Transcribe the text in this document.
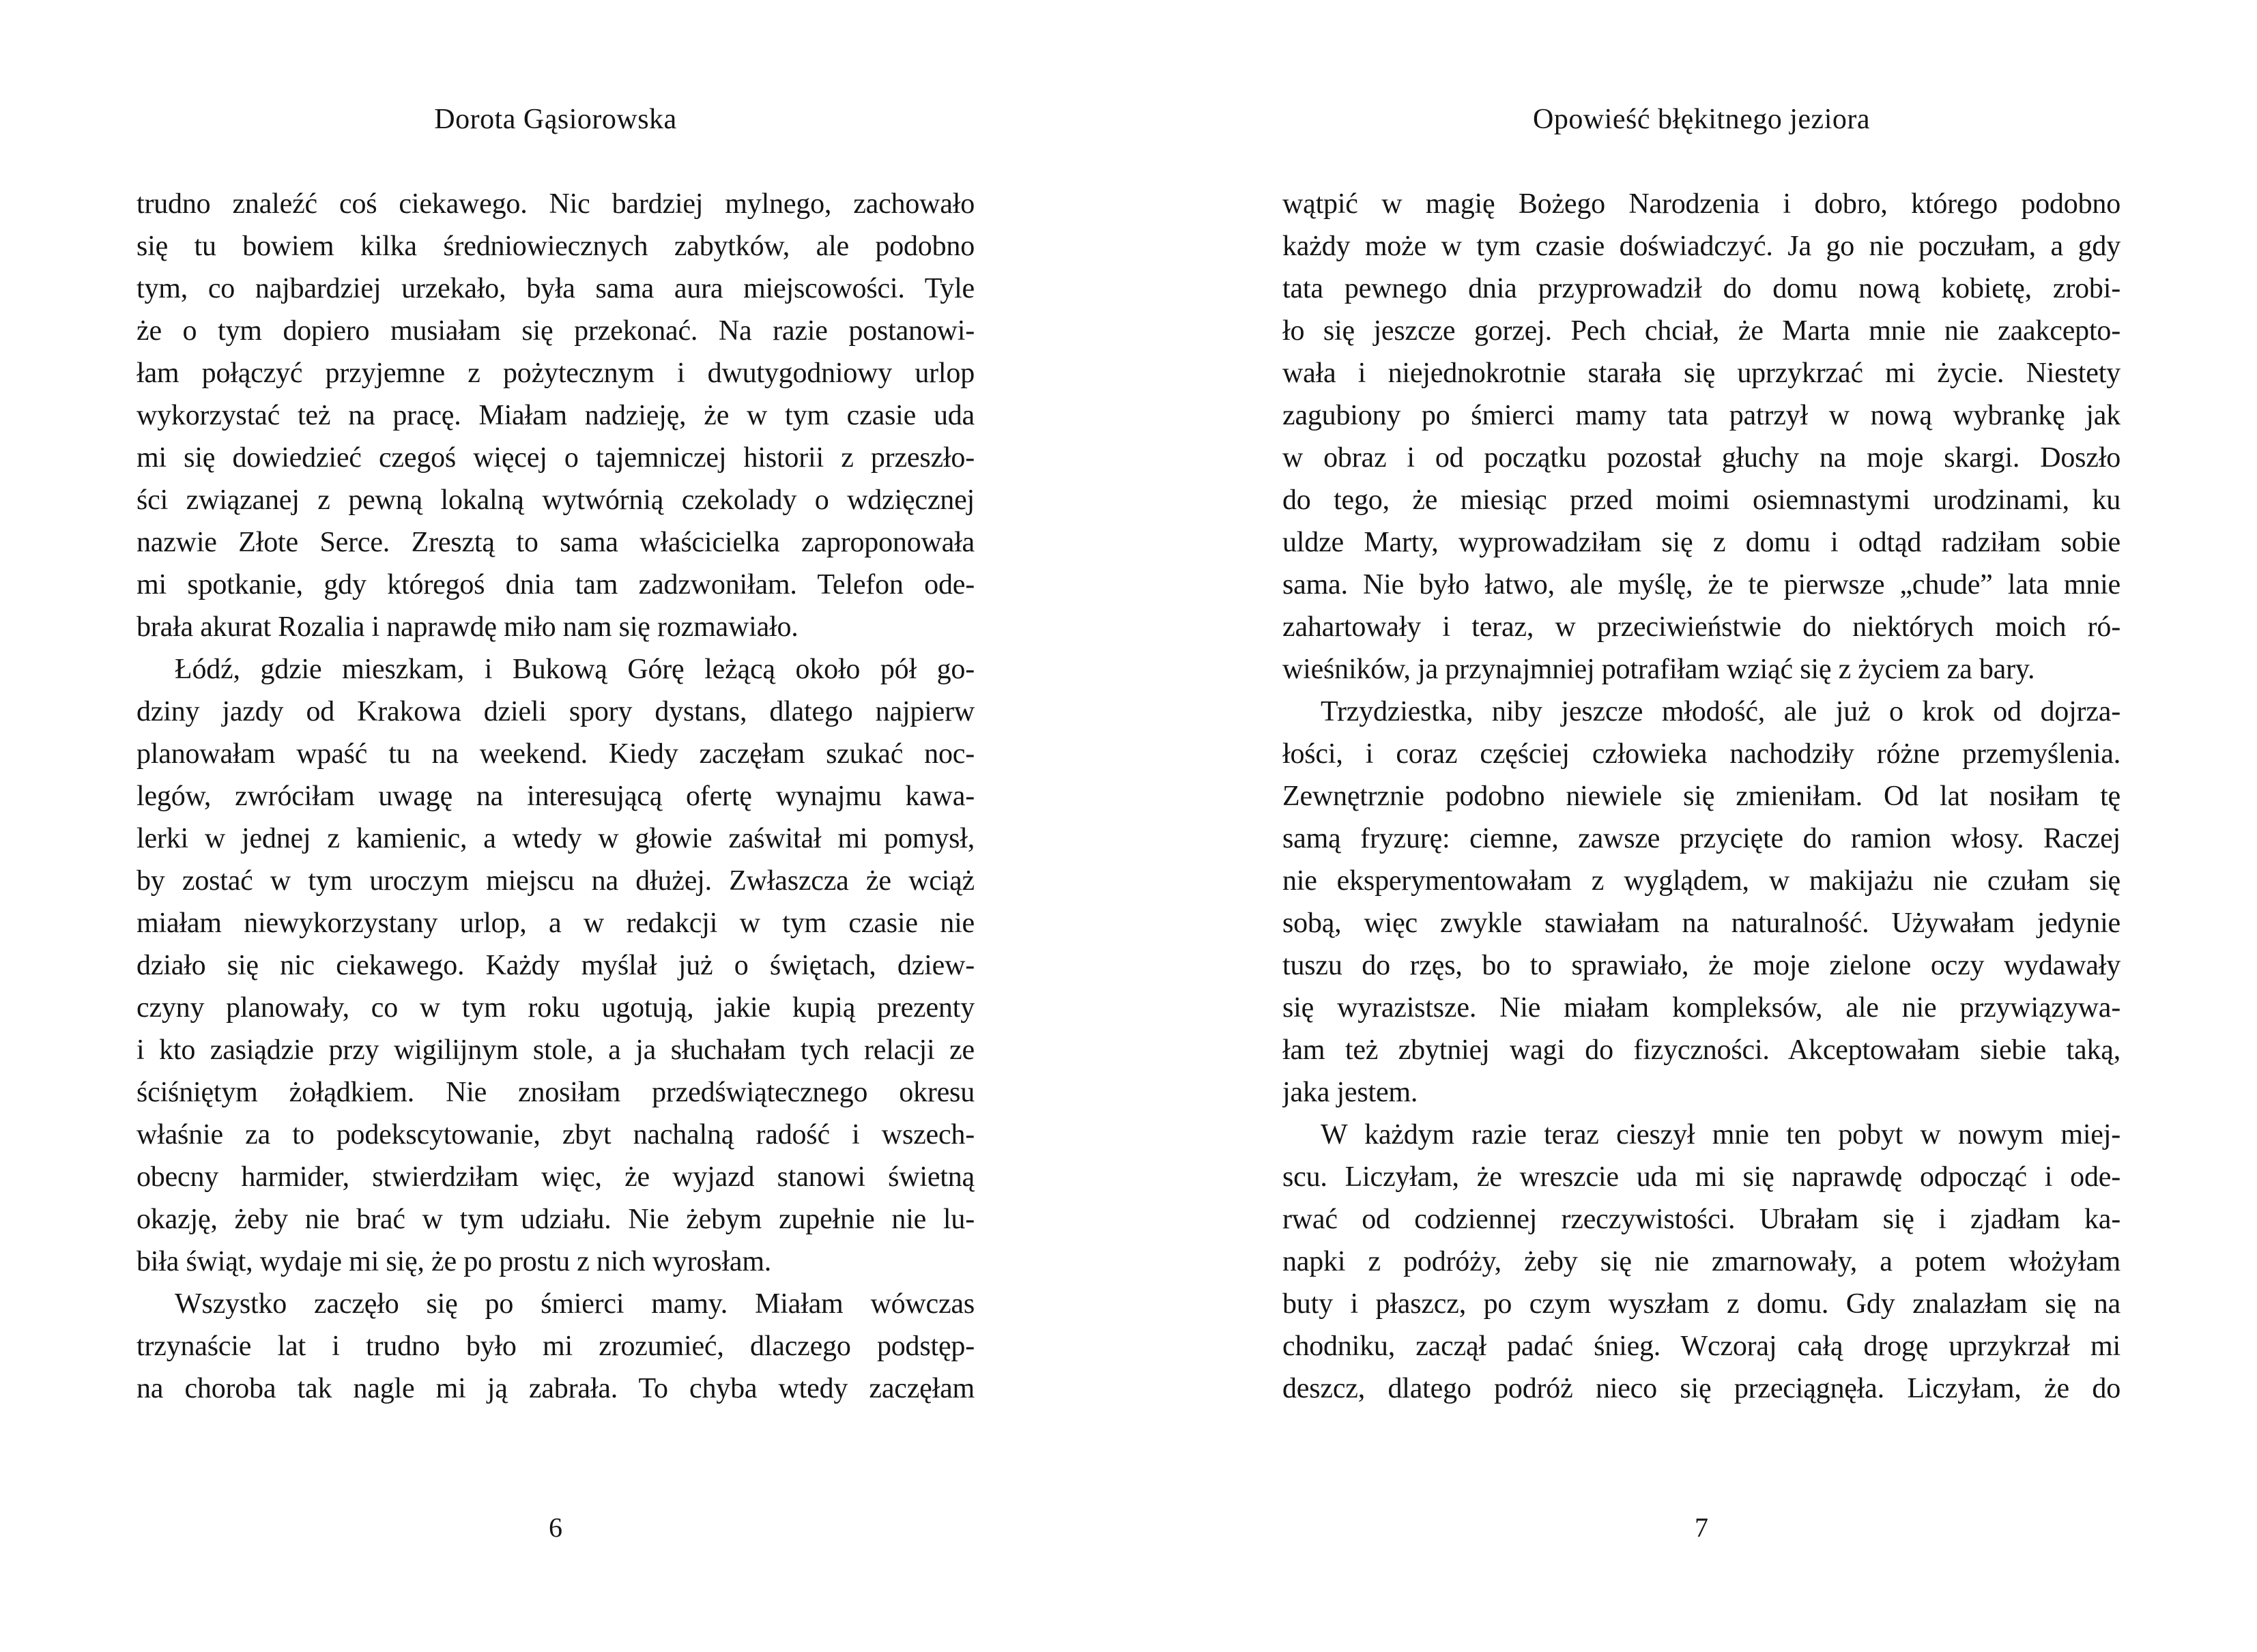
Dorota Gąsiorowska
trudno znaleźć coś ciekawego. Nic bardziej mylnego, zachowało
się tu bowiem kilka średniowiecznych zabytków, ale podobno
tym, co najbardziej urzekało, była sama aura miejscowości. Tyle
że o tym dopiero musiałam się przekonać. Na razie postanowi-
łam połączyć przyjemne z pożytecznym i dwutygodniowy urlop
wykorzystać też na pracę. Miałam nadzieję, że w tym czasie uda
mi się dowiedzieć czegoś więcej o tajemniczej historii z przeszło-
ści związanej z pewną lokalną wytwórnią czekolady o wdzięcznej
nazwie Złote Serce. Zresztą to sama właścicielka zaproponowała
mi spotkanie, gdy któregoś dnia tam zadzwoniłam. Telefon ode-
brała akurat Rozalia i naprawdę miło nam się rozmawiało.
Łódź, gdzie mieszkam, i Bukową Górę leżącą około pół go-
dziny jazdy od Krakowa dzieli spory dystans, dlatego najpierw
planowałam wpaść tu na weekend. Kiedy zaczęłam szukać noc-
legów, zwróciłam uwagę na interesującą ofertę wynajmu kawa-
lerki w jednej z kamienic, a wtedy w głowie zaświtał mi pomysł,
by zostać w tym uroczym miejscu na dłużej. Zwłaszcza że wciąż
miałam niewykorzystany urlop, a w redakcji w tym czasie nie
działo się nic ciekawego. Każdy myślał już o świętach, dziew-
czyny planowały, co w tym roku ugotują, jakie kupią prezenty
i kto zasiądzie przy wigilijnym stole, a ja słuchałam tych relacji ze
ściśniętym żołądkiem. Nie znosiłam przedświątecznego okresu
właśnie za to podekscytowanie, zbyt nachalną radość i wszech-
obecny harmider, stwierdziłam więc, że wyjazd stanowi świetną
okazję, żeby nie brać w tym udziału. Nie żebym zupełnie nie lu-
biła świąt, wydaje mi się, że po prostu z nich wyrosłam.
Wszystko zaczęło się po śmierci mamy. Miałam wówczas
trzynaście lat i trudno było mi zrozumieć, dlaczego podstęp-
na choroba tak nagle mi ją zabrała. To chyba wtedy zaczęłam
6
Opowieść błękitnego jeziora
wątpić w magię Bożego Narodzenia i dobro, którego podobno
każdy może w tym czasie doświadczyć. Ja go nie poczułam, a gdy
tata pewnego dnia przyprowadził do domu nową kobietę, zrobi-
ło się jeszcze gorzej. Pech chciał, że Marta mnie nie zaakcepto-
wała i niejednokrotnie starała się uprzykrzać mi życie. Niestety
zagubiony po śmierci mamy tata patrzył w nową wybrankę jak
w obraz i od początku pozostał głuchy na moje skargi. Doszło
do tego, że miesiąc przed moimi osiemnastymi urodzinami, ku
uldze Marty, wyprowadziłam się z domu i odtąd radziłam sobie
sama. Nie było łatwo, ale myślę, że te pierwsze „chude” lata mnie
zahartowały i teraz, w przeciwieństwie do niektórych moich ró-
wieśników, ja przynajmniej potrafiłam wziąć się z życiem za bary.
Trzydziestka, niby jeszcze młodość, ale już o krok od dojrza-
łości, i coraz częściej człowieka nachodziły różne przemyślenia.
Zewnętrznie podobno niewiele się zmieniłam. Od lat nosiłam tę
samą fryzurę: ciemne, zawsze przycięte do ramion włosy. Raczej
nie eksperymentowałam z wyglądem, w makijażu nie czułam się
sobą, więc zwykle stawiałam na naturalność. Używałam jedynie
tuszu do rzęs, bo to sprawiało, że moje zielone oczy wydawały
się wyrazistsze. Nie miałam kompleksów, ale nie przywiązywa-
łam też zbytniej wagi do fizyczności. Akceptowałam siebie taką,
jaka jestem.
W każdym razie teraz cieszył mnie ten pobyt w nowym miej-
scu. Liczyłam, że wreszcie uda mi się naprawdę odpocząć i ode-
rwać od codziennej rzeczywistości. Ubrałam się i zjadłam ka-
napki z podróży, żeby się nie zmarnowały, a potem włożyłam
buty i płaszcz, po czym wyszłam z domu. Gdy znalazłam się na
chodniku, zaczął padać śnieg. Wczoraj całą drogę uprzykrzał mi
deszcz, dlatego podróż nieco się przeciągnęła. Liczyłam, że do
7
